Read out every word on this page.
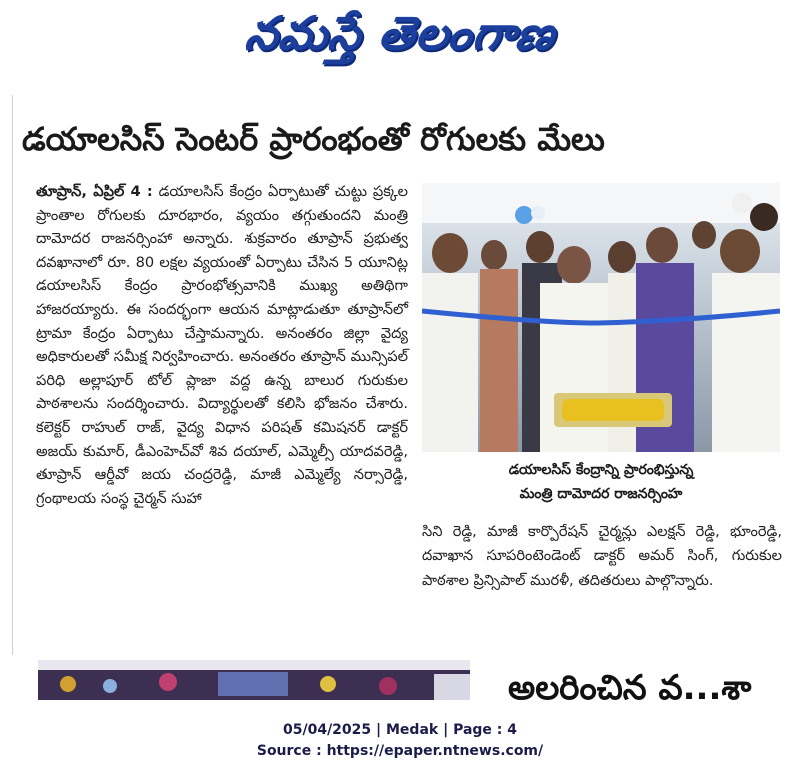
నమస్తే తెలంగాణ
డయాలసిస్ సెంటర్ ప్రారంభంతో రోగులకు మేలు
తూప్రాన్, ఏప్రిల్ 4 : డయాలసిస్ కేంద్రం ఏర్పాటుతో చుట్టు ప్రక్కల ప్రాంతాల రోగులకు దూరభారం, వ్యయం తగ్గుతుందని మంత్రి దామోదర రాజనర్సింహా అన్నారు. శుక్రవారం తూప్రాన్ ప్రభుత్వ దవఖానాలో రూ. 80 లక్షల వ్యయంతో ఏర్పాటు చేసిన 5 యూనిట్ల డయాలసిస్ కేంద్రం ప్రారంభోత్సవానికి ముఖ్య అతిథిగా హాజరయ్యారు. ఈ సందర్భంగా ఆయన మాట్లాడుతూ తూప్రాన్‌లో ట్రామా కేంద్రం ఏర్పాటు చేస్తామన్నారు. అనంతరం జిల్లా వైద్య అధికారులతో సమీక్ష నిర్వహించారు. అనంతరం తూప్రాన్ మున్సిపల్ పరిధి అల్లాపూర్ టోల్ ప్లాజా వద్ద ఉన్న బాలుర గురుకుల పాఠశాలను సందర్శించారు. విద్యార్థులతో కలిసి భోజనం చేశారు. కలెక్టర్ రాహుల్ రాజ్, వైద్య విధాన పరిషత్ కమిషనర్ డాక్టర్ అజయ్ కుమార్, డీఎంహెచ్‌వో శివ దయాల్, ఎమ్మెల్సీ యాదవరెడ్డి, తూప్రాన్ ఆర్డీవో జయ చంద్రరెడ్డి, మాజీ ఎమ్మెల్యే నర్సారెడ్డి, గ్రంథాలయ సంస్థ చైర్మన్ సుహా
డయాలసిస్ కేంద్రాన్ని ప్రారంభిస్తున్న
మంత్రి దామోదర రాజనర్సింహ
సిని రెడ్డి, మాజీ కార్పొరేషన్ చైర్మన్లు ఎలక్షన్ రెడ్డి, భూంరెడ్డి, దవాఖాన సూపరింటెండెంట్ డాక్టర్ అమర్ సింగ్, గురుకుల పాఠశాల ప్రిన్సిపాల్ మురళీ, తదితరులు పాల్గొన్నారు.
అలరించిన వ...శా
05/04/2025 | Medak | Page : 4
Source : https://epaper.ntnews.com/
